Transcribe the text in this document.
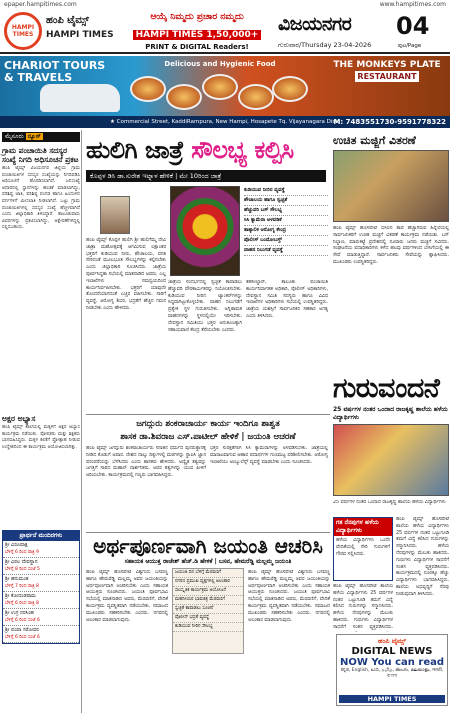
epaper.hampitimes.com	www.hampitimes.com
HAMPI TIMES
ಹಂಪಿ ಟೈಮ್ಸ್
HAMPI TIMES
ಆಯ್ಕೆ ನಿಮ್ಮದು ಪ್ರಚಾರ ನಮ್ಮದು
HAMPI TIMES 1,50,000+
PRINT & DIGITAL Readers!
ವಿಜಯನಗರ
ಗುರುವಾರ/Thursday 23-04-2026
04
ಪುಟ/Page
CHARIOT TOURS & TRAVELS
Delicious and Hygienic Food	THE MONKEYS PLATE
RESTAURANT
★ Commercial Street, KaddiRampura, New Hampi, Hosapete Tq. Vijayanagara Dist.
M: 7483551730-9591778322
ಮೈಸೂರು ನ್ಯೂಸ್
ಗ್ರಾಮ ಪಂಚಾಯಿತಿ ಸದಸ್ಯರ ಸಂಖ್ಯೆ ನಿಗದಿ ಅಧಿಸೂಚನೆ ಪ್ರಕಟ
ಹಂಪಿ ಟೈಮ್ಸ್ ವಿಜಯನಗರ ಜಿಲ್ಲೆಯ ಗ್ರಾಮ ಪಂಚಾಯಿತಿಗಳ ಸದಸ್ಯರ ಸಂಖ್ಯೆಯನ್ನು ನಿಗದಿಪಡಿಸಿ ಅಧಿಸೂಚನೆ ಹೊರಡಿಸಲಾಗಿದೆ. ಜನಸಂಖ್ಯೆ ಆಧಾರದಲ್ಲಿ ಸ್ಥಾನಗಳನ್ನು ಹಂಚಿಕೆ ಮಾಡಲಾಗಿದ್ದು, ಪರಿಶಿಷ್ಟ ಜಾತಿ, ಪರಿಶಿಷ್ಟ ಪಂಗಡ ಹಾಗೂ ಹಿಂದುಳಿದ ವರ್ಗಗಳಿಗೆ ಮೀಸಲಾತಿ ನೀಡಲಾಗಿದೆ. ಒಟ್ಟು ಗ್ರಾಮ ಪಂಚಾಯಿತಿಗಳಲ್ಲಿ ಸದಸ್ಯರ ಸಂಖ್ಯೆ ಹೆಚ್ಚಳವಾಗಿದೆ ಎಂದು ಜಿಲ್ಲಾಧಿಕಾರಿ ತಿಳಿಸಿದ್ದಾರೆ. ತಾಲೂಕುವಾರು ವಿವರಗಳನ್ನು ಪ್ರಕಟಿಸಲಾಗಿದ್ದು, ಆಕ್ಷೇಪಣೆಗಳಿದ್ದಲ್ಲಿ ಸಲ್ಲಿಸಬಹುದು.
ಅಕ್ಷರ ಅಭ್ಯಾಸ
ಹಂಪಿ ಟೈಮ್ಸ್ ಶಾಲೆಯಲ್ಲಿ ಮಕ್ಕಳಿಗೆ ಅಕ್ಷರ ಅಭ್ಯಾಸ ಕಾರ್ಯಕ್ರಮ ನಡೆಯಿತು. ಪೋಷಕರು ಮತ್ತು ಶಿಕ್ಷಕರು ಭಾಗವಹಿಸಿದ್ದರು. ಮಕ್ಕಳ ಕಲಿಕೆಗೆ ಪ್ರೋತ್ಸಾಹ ನೀಡುವ ಉದ್ದೇಶದಿಂದ ಈ ಕಾರ್ಯಕ್ರಮ ಆಯೋಜಿಸಲಾಗಿತ್ತು.
ಪ್ರಾರ್ಥನೆ ಮಂದಿರಗಳು
ಶ್ರೀ ವಿರೂಪಾಕ್ಷ
ಬೆಳಿಗ್ಗೆ 6 ರಿಂದ ರಾತ್ರಿ 9
ಶ್ರೀ ವಿಠಲ ದೇವಸ್ಥಾನ
ಬೆಳಿಗ್ಗೆ 8 ರಿಂದ ಸಂಜೆ 5
ಶ್ರೀ ಹನುಮಂತ
ಬೆಳಿಗ್ಗೆ 7 ರಿಂದ ರಾತ್ರಿ 8
ಶ್ರೀ ಕೋದಂಡರಾಮ
ಬೆಳಿಗ್ಗೆ 6 ರಿಂದ ರಾತ್ರಿ 8
ಶ್ರೀ ಉಗ್ರ ನರಸಿಂಹ
ಬೆಳಿಗ್ಗೆ 6 ರಿಂದ ಸಂಜೆ 6
ಶ್ರೀ ಪಂಪಾ ಸರೋವರ
ಬೆಳಿಗ್ಗೆ 6 ರಿಂದ ಸಂಜೆ 6
ಹುಲಿಗಿ ಜಾತ್ರೆ ಸೌಲಭ್ಯ ಕಲ್ಪಿಸಿ
ಕೊಪ್ಪಳ ಡಿಸಿ ಡಾ.ಸುರೇಶ ಇಟ್ನಾಳ ಹೇಳಿಕೆ | ಮೇ 10ರಿಂದ ಜಾತ್ರೆ
ಹಂಪಿ ಟೈಮ್ಸ್ ಕೊಪ್ಪಳ ಹುಲಿಗಿ ಶ್ರೀ ಹುಲಿಗೆಮ್ಮ ದೇವಿ ಜಾತ್ರಾ ಮಹೋತ್ಸವಕ್ಕೆ ಆಗಮಿಸುವ ಲಕ್ಷಾಂತರ ಭಕ್ತರಿಗೆ ಕುಡಿಯುವ ನೀರು, ಶೌಚಾಲಯ, ವಸತಿ ಸೇರಿದಂತೆ ಮೂಲಭೂತ ಸೌಲಭ್ಯಗಳನ್ನು ಕಲ್ಪಿಸಬೇಕು ಎಂದು ಜಿಲ್ಲಾಧಿಕಾರಿ ಸೂಚಿಸಿದರು. ಜಾತ್ರೆಯ ಪೂರ್ವಸಿದ್ಧತಾ ಸಭೆಯಲ್ಲಿ ಮಾತನಾಡಿದ ಅವರು, ಎಲ್ಲ ಇಲಾಖೆಗಳು ಸಮನ್ವಯದಿಂದ ಕಾರ್ಯನಿರ್ವಹಿಸಬೇಕು. ಭಕ್ತರಿಗೆ ಯಾವುದೇ ತೊಂದರೆಯಾಗದಂತೆ ಎಚ್ಚರ ವಹಿಸಬೇಕು. ಸಾರಿಗೆ ವ್ಯವಸ್ಥೆ, ಆರೋಗ್ಯ ಶಿಬಿರ, ಭದ್ರತೆಗೆ ಹೆಚ್ಚಿನ ಗಮನ ನೀಡಬೇಕು ಎಂದು ಹೇಳಿದರು.
ಜಾತ್ರೆಯ ಸಂದರ್ಭದಲ್ಲಿ ಸ್ವಚ್ಛತೆ ಕಾಪಾಡಲು ಹೆಚ್ಚುವರಿ ಪೌರಕಾರ್ಮಿಕರನ್ನು ನಿಯೋಜಿಸಬೇಕು. ಕುಡಿಯುವ ನೀರಿನ ಟ್ಯಾಂಕರ್‌ಗಳನ್ನು ಸಿದ್ಧವಾಗಿಟ್ಟುಕೊಳ್ಳಬೇಕು. ವಾಹನ ನಿಲುಗಡೆಗೆ ಪ್ರತ್ಯೇಕ ಸ್ಥಳ ಗುರುತಿಸಬೇಕು. ಅಗ್ನಿಶಾಮಕ ವಾಹನಗಳನ್ನು ಸ್ಥಳದಲ್ಲಿಯೇ ಇರಿಸಬೇಕು. ದೇವಸ್ಥಾನ ಸಮಿತಿಯು ಭಕ್ತರ ಅನುಕೂಲಕ್ಕಾಗಿ ಸಹಾಯವಾಣಿ ಕೇಂದ್ರ ತೆರೆಯಬೇಕು ಎಂದರು.
ಕುಡಿಯುವ ನೀರಿನ ವ್ಯವಸ್ಥೆ
ಶೌಚಾಲಯ ಹಾಗೂ ಸ್ವಚ್ಛತೆ
ಹೆಚ್ಚುವರಿ ಬಸ್ ಸೌಲಭ್ಯ
ಸಿಸಿ ಕ್ಯಾಮೆರಾ ಅಳವಡಿಕೆ
ತಾತ್ಕಾಲಿಕ ಆರೋಗ್ಯ ಕೇಂದ್ರ
ಪೊಲೀಸ್ ಬಂದೋಬಸ್ತ್
ವಾಹನ ನಿಲುಗಡೆ ವ್ಯವಸ್ಥೆ
ತಹಸೀಲ್ದಾರ್, ತಾಲೂಕು ಪಂಚಾಯಿತಿ ಕಾರ್ಯನಿರ್ವಾಹಕ ಅಧಿಕಾರಿ, ಪೊಲೀಸ್ ಅಧಿಕಾರಿಗಳು, ದೇವಸ್ಥಾನ ಸಮಿತಿ ಸದಸ್ಯರು ಹಾಗೂ ವಿವಿಧ ಇಲಾಖೆಗಳ ಅಧಿಕಾರಿಗಳು ಸಭೆಯಲ್ಲಿ ಉಪಸ್ಥಿತರಿದ್ದರು. ಜಾತ್ರೆಯ ಯಶಸ್ಸಿಗೆ ಸಾರ್ವಜನಿಕರ ಸಹಕಾರ ಅಗತ್ಯ ಎಂದು ತಿಳಿಸಿದರು.
ಜಗದ್ಗುರು ಶಂಕರಾಚಾರ್ಯ ಕಾರ್ಯ ಇಂದಿಗೂ ಶಾಶ್ವತ
ಶಾಸಕ ಡಾ.ಶಿವರಾಜ ಎಸ್.ಪಾಟೀಲ್ ಹೇಳಿಕೆ | ಜಯಂತಿ ಆಚರಣೆ
ಹಂಪಿ ಟೈಮ್ಸ್ ಜಗದ್ಗುರು ಶಂಕರಾಚಾರ್ಯರು ಸನಾತನ ಧರ್ಮದ ಪುನರುತ್ಥಾನಕ್ಕೆ ನೀಡಿದ ಕೊಡುಗೆ ಅಪಾರ. ದೇಶದ ನಾಲ್ಕು ದಿಕ್ಕುಗಳಲ್ಲಿ ಮಠಗಳನ್ನು ಸ್ಥಾಪಿಸಿ ಜ್ಞಾನ ಪರಂಪರೆಯನ್ನು ಬೆಳೆಸಿದರು ಎಂದು ಶಾಸಕರು ಹೇಳಿದರು. ಅದ್ವೈತ ತತ್ವವನ್ನು ಜಗತ್ತಿಗೆ ಸಾರಿದ ಮಹಾನ್ ದಾರ್ಶನಿಕರು. ಅವರ ತತ್ವಗಳನ್ನು ಯುವ ಪೀಳಿಗೆ ಅರಿಯಬೇಕು. ಕಾರ್ಯಕ್ರಮದಲ್ಲಿ ಗಣ್ಯರು ಭಾಗವಹಿಸಿದ್ದರು.
ಭಕ್ತರ ಸುರಕ್ಷತೆಗಾಗಿ ಸಿಸಿ ಕ್ಯಾಮೆರಾಗಳನ್ನು ಅಳವಡಿಸಬೇಕು. ಜಾತ್ರೆಯಲ್ಲಿ ಮಾರಾಟವಾಗುವ ಆಹಾರ ಪದಾರ್ಥಗಳ ಗುಣಮಟ್ಟ ಪರಿಶೀಲಿಸಬೇಕು. ಆರೋಗ್ಯ ಇಲಾಖೆಯು ಆಂಬ್ಯುಲೆನ್ಸ್ ವ್ಯವಸ್ಥೆ ಮಾಡಬೇಕು ಎಂದು ಸೂಚಿಸಿದರು.
ಅರ್ಥಪೂರ್ಣವಾಗಿ ಜಯಂತಿ ಆಚರಿಸಿ
ಸಹಾಯಕ ಆಯುಕ್ತ ರಾಜೇಶ್ ಹೆಚ್.ಡಿ ಹೇಳಿಕೆ | ಬಸವ, ಹೇಮರೆಡ್ಡಿ ಮಲ್ಲಮ್ಮ ಜಯಂತಿ
ಹಂಪಿ ಟೈಮ್ಸ್ ಹೊಸಪೇಟೆ ವಿಶ್ವಗುರು ಬಸವಣ್ಣ ಹಾಗೂ ಹೇಮರೆಡ್ಡಿ ಮಲ್ಲಮ್ಮ ಅವರ ಜಯಂತಿಯನ್ನು ಅರ್ಥಪೂರ್ಣವಾಗಿ ಆಚರಿಸಬೇಕು ಎಂದು ಸಹಾಯಕ ಆಯುಕ್ತರು ಸೂಚಿಸಿದರು. ಜಯಂತಿ ಪೂರ್ವಭಾವಿ ಸಭೆಯಲ್ಲಿ ಮಾತನಾಡಿದ ಅವರು, ಮೆರವಣಿಗೆ, ವೇದಿಕೆ ಕಾರ್ಯಕ್ರಮ ವ್ಯವಸ್ಥಿತವಾಗಿ ನಡೆಯಬೇಕು. ಸಮಾಜದ ಮುಖಂಡರು ಸಹಕರಿಸಬೇಕು ಎಂದರು. ನಗರದಲ್ಲಿ ಅಲಂಕಾರ ಮಾಡಲಾಗುವುದು.
ಜಯಂತಿ ದಿನ ಬೆಳಿಗ್ಗೆ ಮೆರವಣಿಗೆ
ನಗರದ ಪ್ರಮುಖ ವೃತ್ತಗಳಲ್ಲಿ ಅಲಂಕಾರ
ಸಾಂಸ್ಕೃತಿಕ ಕಾರ್ಯಕ್ರಮ ಆಯೋಜನೆ
ಮಹನೀಯರ ಭಾವಚಿತ್ರ ಮೆರವಣಿಗೆ
ಸ್ವಚ್ಛತೆ ಕಾಪಾಡಲು ಸೂಚನೆ
ಪೊಲೀಸ್ ಭದ್ರತೆ ವ್ಯವಸ್ಥೆ
ಕುಡಿಯುವ ನೀರಿನ ಸೌಲಭ್ಯ
ಹಂಪಿ ಟೈಮ್ಸ್ ಹೊಸಪೇಟೆ ವಿಶ್ವಗುರು ಬಸವಣ್ಣ ಹಾಗೂ ಹೇಮರೆಡ್ಡಿ ಮಲ್ಲಮ್ಮ ಅವರ ಜಯಂತಿಯನ್ನು ಅರ್ಥಪೂರ್ಣವಾಗಿ ಆಚರಿಸಬೇಕು ಎಂದು ಸಹಾಯಕ ಆಯುಕ್ತರು ಸೂಚಿಸಿದರು. ಜಯಂತಿ ಪೂರ್ವಭಾವಿ ಸಭೆಯಲ್ಲಿ ಮಾತನಾಡಿದ ಅವರು, ಮೆರವಣಿಗೆ, ವೇದಿಕೆ ಕಾರ್ಯಕ್ರಮ ವ್ಯವಸ್ಥಿತವಾಗಿ ನಡೆಯಬೇಕು. ಸಮಾಜದ ಮುಖಂಡರು ಸಹಕರಿಸಬೇಕು ಎಂದರು. ನಗರದಲ್ಲಿ ಅಲಂಕಾರ ಮಾಡಲಾಗುವುದು.
ಉಚಿತ ಮಜ್ಜಿಗೆ ವಿತರಣೆ
ಹಂಪಿ ಟೈಮ್ಸ್ ಹೊಸಪೇಟೆ ಬಿಸಿಲಿನ ತಾಪ ಹೆಚ್ಚಾಗಿರುವ ಹಿನ್ನೆಲೆಯಲ್ಲಿ ಸಾರ್ವಜನಿಕರಿಗೆ ಉಚಿತ ಮಜ್ಜಿಗೆ ವಿತರಣೆ ಕಾರ್ಯಕ್ರಮ ನಡೆಯಿತು. ಬಸ್ ನಿಲ್ದಾಣ, ಮಾರುಕಟ್ಟೆ ಪ್ರದೇಶದಲ್ಲಿ ನೂರಾರು ಜನರು ಮಜ್ಜಿಗೆ ಸವಿದರು. ಸಂಘಟನೆಯ ಪದಾಧಿಕಾರಿಗಳು ಕಳೆದ ಹಲವು ವರ್ಷಗಳಿಂದ ಬೇಸಿಗೆಯಲ್ಲಿ ಈ ಸೇವೆ ಮಾಡುತ್ತಿದ್ದಾರೆ. ಸಾರ್ವಜನಿಕರು ಸೇವೆಯನ್ನು ಶ್ಲಾಘಿಸಿದರು. ಮುಖಂಡರು ಉಪಸ್ಥಿತರಿದ್ದರು.
ಗುರುವಂದನೆ
25 ವರ್ಷಗಳ ನಂತರ ಒಂದಾದ ರಾಜಕೃಷ್ಣ ಶಾಲೆಯ ಹಳೆಯ ವಿದ್ಯಾರ್ಥಿಗಳು
25 ವರ್ಷಗಳ ನಂತರ ಒಂದಾದ ರಾಜಕೃಷ್ಣ ಶಾಲೆಯ ಹಳೆಯ ವಿದ್ಯಾರ್ಥಿಗಳು
ಗತ ನೆನಪುಗಳ ಹಳೆಯ ವಿದ್ಯಾರ್ಥಿಗಳು
ಹಳೆಯ ವಿದ್ಯಾರ್ಥಿಗಳು ಒಂದೇ ವೇದಿಕೆಯಲ್ಲಿ ಸೇರಿ ಗುರುಗಳಿಗೆ ಗೌರವ ಸಲ್ಲಿಸಿದರು.
ಹಂಪಿ ಟೈಮ್ಸ್ ಹೊಸಪೇಟೆ ಶಾಲೆಯ ಹಳೆಯ ವಿದ್ಯಾರ್ಥಿಗಳು 25 ವರ್ಷಗಳ ನಂತರ ಒಟ್ಟುಗೂಡಿ ತಮಗೆ ವಿದ್ಯೆ ಕಲಿಸಿದ ಗುರುಗಳನ್ನು ಸನ್ಮಾನಿಸಿದರು. ಹಳೆಯ ನೆನಪುಗಳನ್ನು ಮೆಲುಕು ಹಾಕಿದರು. ಗುರುಗಳು ವಿದ್ಯಾರ್ಥಿಗಳ ಸಾಧನೆಗೆ ಸಂತಸ ವ್ಯಕ್ತಪಡಿಸಿದರು. ಕಾರ್ಯಕ್ರಮದಲ್ಲಿ ನೂರಕ್ಕೂ ಹೆಚ್ಚು ವಿದ್ಯಾರ್ಥಿಗಳು ಭಾಗವಹಿಸಿದ್ದರು. ಶಾಲೆಯ ಅಭಿವೃದ್ಧಿಗೆ ನೆರವು ನೀಡುವುದಾಗಿ ತಿಳಿಸಿದರು.
ಹಂಪಿ ಟೈಮ್ಸ್ ಹೊಸಪೇಟೆ ಶಾಲೆಯ ಹಳೆಯ ವಿದ್ಯಾರ್ಥಿಗಳು 25 ವರ್ಷಗಳ ನಂತರ ಒಟ್ಟುಗೂಡಿ ತಮಗೆ ವಿದ್ಯೆ ಕಲಿಸಿದ ಗುರುಗಳನ್ನು ಸನ್ಮಾನಿಸಿದರು. ಹಳೆಯ ನೆನಪುಗಳನ್ನು ಮೆಲುಕು ಹಾಕಿದರು. ಗುರುಗಳು ವಿದ್ಯಾರ್ಥಿಗಳ ಸಾಧನೆಗೆ ಸಂತಸ ವ್ಯಕ್ತಪಡಿಸಿದರು.
ಹಂಪಿ ಟೈಮ್ಸ್
DIGITAL NEWS
NOW You can read
ಕನ್ನಡ, English, ಹಿಂದಿ, தமிழ், తెలుగు, മലയാളം, मराठी, বাংলা
HAMPI TIMES
